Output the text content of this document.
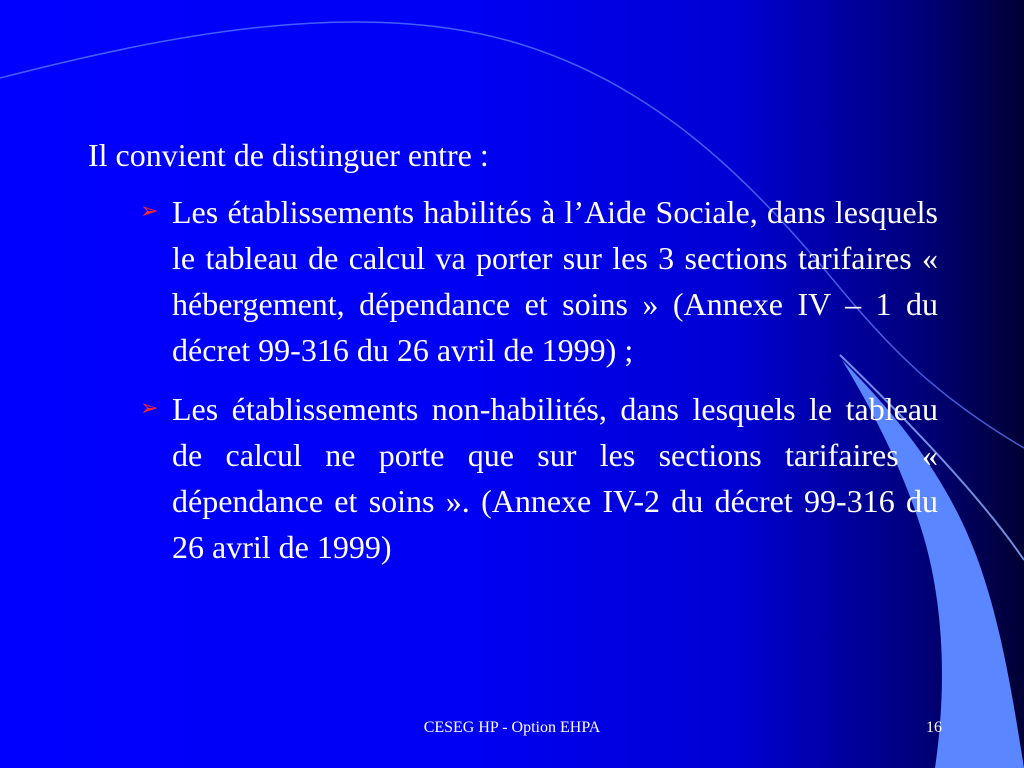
Il convient de distinguer entre :

➢ Les établissements habilités à l’Aide Sociale, dans lesquels le tableau de calcul va porter sur les 3 sections tarifaires « hébergement, dépendance et soins » (Annexe IV – 1 du décret 99-316 du 26 avril de 1999) ;
➢ Les établissements non-habilités, dans lesquels le tableau de calcul ne porte que sur les sections tarifaires « dépendance et soins ». (Annexe IV-2 du décret 99-316 du 26 avril de 1999)

CESEG HP - Option EHPA	16
